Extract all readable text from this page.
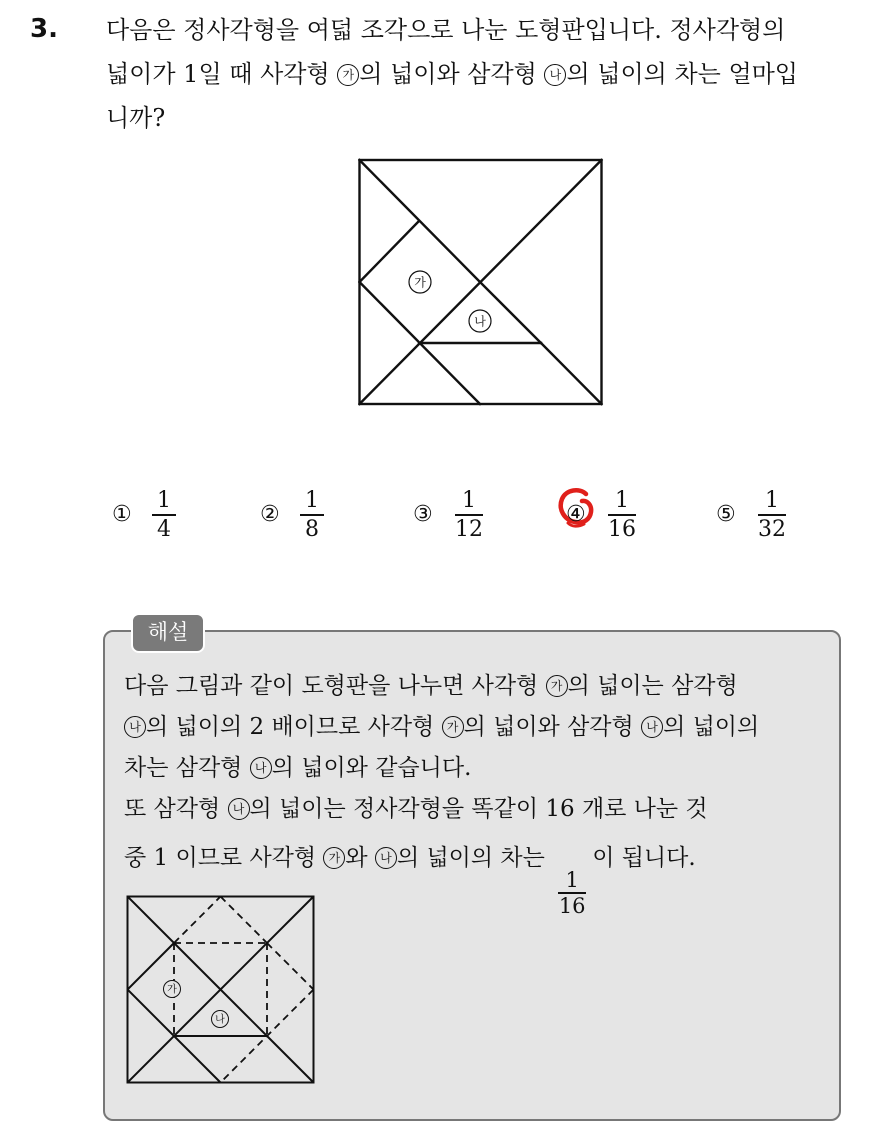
3. 다음은 정사각형을 여덟 조각으로 나눈 도형판입니다. 정사각형의
넓이가 1일 때 사각형 가 의 넓이와 삼각형 나 의 넓이의 차는 얼마입
니까?
가
나
①
1
4
②
1
8
③
1
12
④
1
16
⑤
1
32
해설
다음 그림과 같이 도형판을 나누면 사각형 가 의 넓이는 삼각형
나 의 넓이의 2 배이므로 사각형 가 의 넓이와 삼각형 나 의 넓이의
차는 삼각형 나 의 넓이와 같습니다.
또 삼각형 나 의 넓이는 정사각형을 똑같이 16 개로 나눈 것
중 1 이므로 사각형 가 와 나 의 넓이의 차는
$\frac{1}{16}$
이 됩니다.
가
나
